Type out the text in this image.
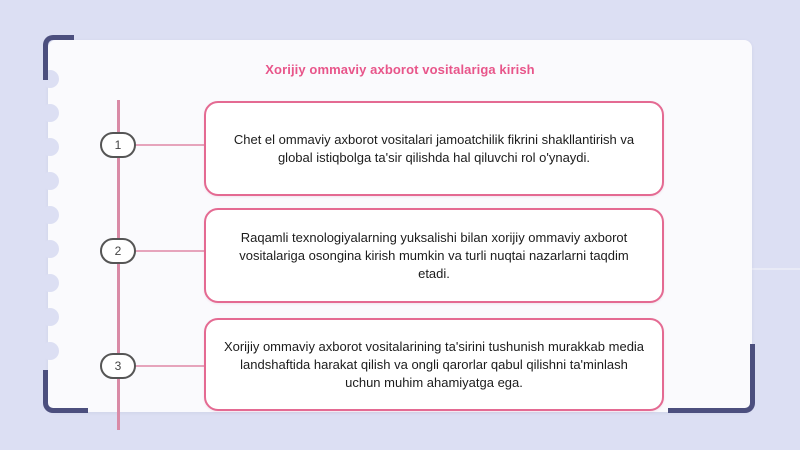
Xorijiy ommaviy axborot vositalariga kirish
1	Chet el ommaviy axborot vositalari jamoatchilik fikrini shakllantirish va global istiqbolga ta'sir qilishda hal qiluvchi rol o'ynaydi.
2
Raqamli texnologiyalarning yuksalishi bilan xorijiy ommaviy axborot vositalariga osongina kirish mumkin va turli nuqtai nazarlarni taqdim etadi.
3
Xorijiy ommaviy axborot vositalarining ta'sirini tushunish murakkab media landshaftida harakat qilish va ongli qarorlar qabul qilishni ta'minlash uchun muhim ahamiyatga ega.
